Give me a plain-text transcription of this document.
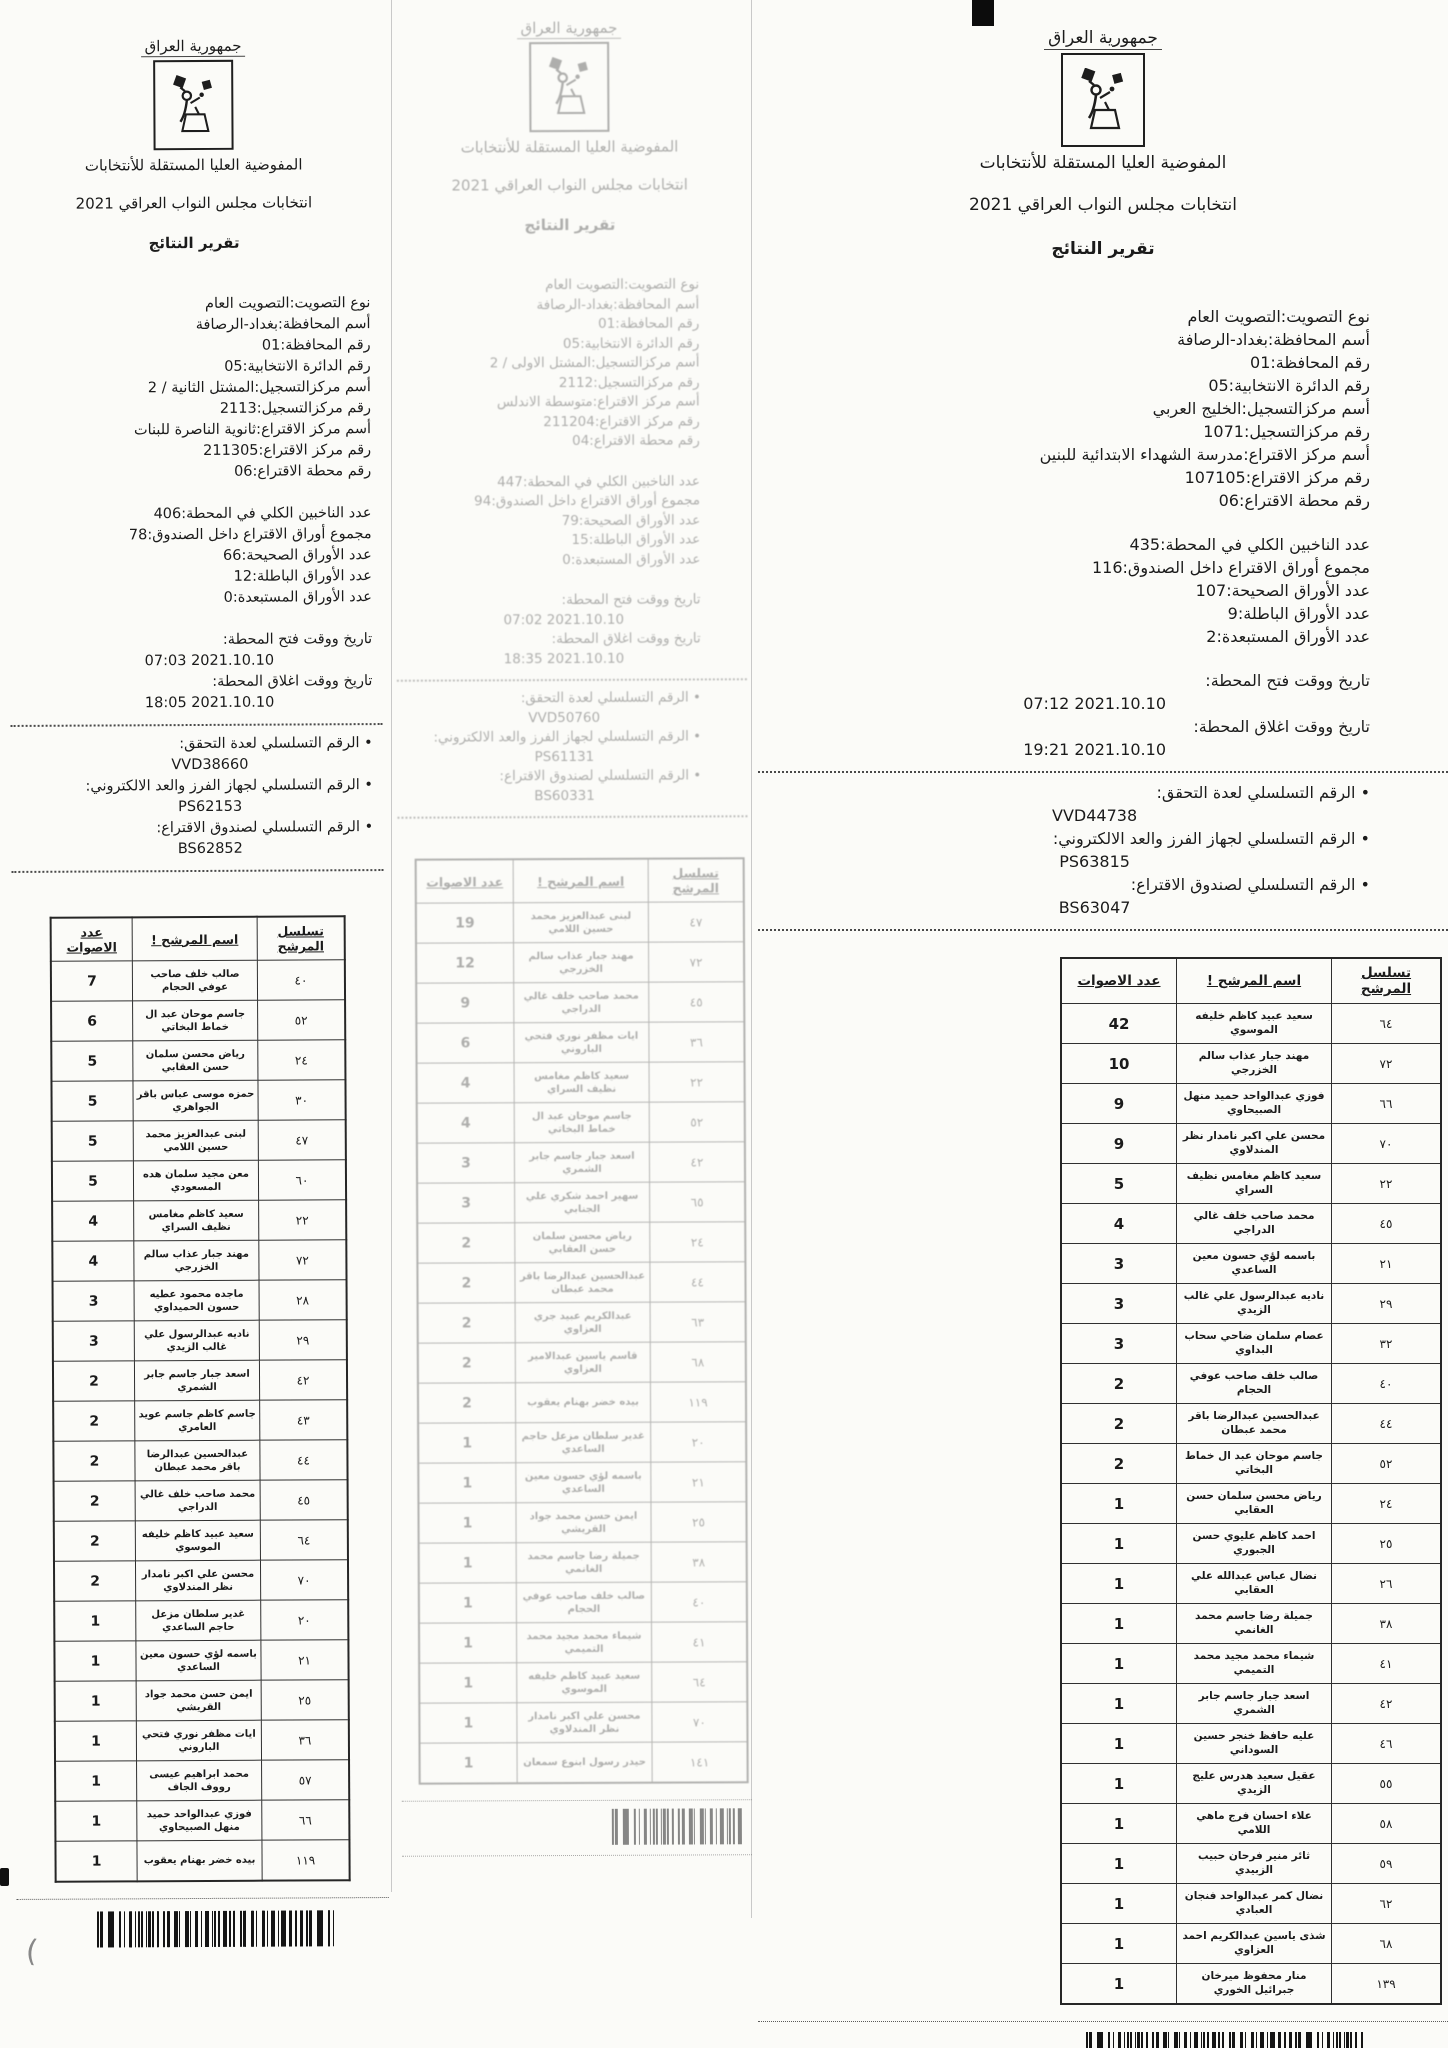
(
جمهورية العراق
المفوضية العليا المستقلة للأنتخابات
انتخابات مجلس النواب العراقي 2021
تقرير النتائج
نوع التصويت:التصويت العام
أسم المحافظة:بغداد-الرصافة
رقم المحافظة:01
رقم الدائرة الانتخابية:05
أسم مركزالتسجيل:المشتل الثانية / 2
رقم مركزالتسجيل:2113
أسم مركز الاقتراع:ثانوية الناصرة للبنات
رقم مركز الاقتراع:211305
رقم محطة الاقتراع:06
عدد الناخبين الكلي في المحطة:406
مجموع أوراق الاقتراع داخل الصندوق:78
عدد الأوراق الصحيحة:66
عدد الأوراق الباطلة:12
عدد الأوراق المستبعدة:0
تاريخ ووقت فتح المحطة:
2021.10.10 07:03
تاريخ ووقت اغلاق المحطة:
2021.10.10 18:05
• الرقم التسلسلي لعدة التحقق:
VVD38660
• الرقم التسلسلي لجهاز الفرز والعد الالكتروني:
PS62153
• الرقم التسلسلي لصندوق الاقتراع:
BS62852
تسلسل المرشح	اسم المرشح !	عدد الاصوات
٤٠	صالب خلف صاحب عوفي الحجام	7
٥٢	جاسم موحان عبد ال خماط البخاتي	6
٢٤	رياض محسن سلمان حسن العقابي	5
٣٠	حمزه موسى عباس باقر الجواهري	5
٤٧	لبنى عبدالعزيز محمد حسين اللامي	5
٦٠	معن مجيد سلمان هده المسعودي	5
٢٢	سعيد كاظم مغامس نظيف السراي	4
٧٢	مهند جبار عذاب سالم الخزرجي	4
٢٨	ماجده محمود عطيه حسون الحميداوي	3
٢٩	ناديه عبدالرسول علي غالب الزيدي	3
٤٢	اسعد جبار جاسم جابر الشمري	2
٤٣	جاسم كاظم جاسم عويد العامري	2
٤٤	عبدالحسين عبدالرضا باقر محمد عبطان	2
٤٥	محمد صاحب خلف غالي الدراجي	2
٦٤	سعيد عبيد كاظم خليفه الموسوي	2
٧٠	محسن علي اكبر نامدار نظر المندلاوي	2
٢٠	غدير سلطان مزعل حاجم الساعدي	1
٢١	باسمه لؤي حسون معين الساعدي	1
٢٥	ايمن حسن محمد جواد القريشي	1
٣٦	ايات مظفر نوري فتحي الباروني	1
٥٧	محمد ابراهيم عيسى رووف الجاف	1
٦٦	فوزي عبدالواحد حميد منهل الصبيحاوي	1
١١٩	بيده خضر بهنام يعقوب	1
جمهورية العراق
المفوضية العليا المستقلة للأنتخابات
انتخابات مجلس النواب العراقي 2021
تقرير النتائج
نوع التصويت:التصويت العام
أسم المحافظة:بغداد-الرصافة
رقم المحافظة:01
رقم الدائرة الانتخابية:05
أسم مركزالتسجيل:المشتل الاولى / 2
رقم مركزالتسجيل:2112
أسم مركز الاقتراع:متوسطة الاندلس
رقم مركز الاقتراع:211204
رقم محطة الاقتراع:04
عدد الناخبين الكلي في المحطة:447
مجموع أوراق الاقتراع داخل الصندوق:94
عدد الأوراق الصحيحة:79
عدد الأوراق الباطلة:15
عدد الأوراق المستبعدة:0
تاريخ ووقت فتح المحطة:
2021.10.10 07:02
تاريخ ووقت اغلاق المحطة:
2021.10.10 18:35
• الرقم التسلسلي لعدة التحقق:
VVD50760
• الرقم التسلسلي لجهاز الفرز والعد الالكتروني:
PS61131
• الرقم التسلسلي لصندوق الاقتراع:
BS60331
تسلسل المرشح	اسم المرشح !	عدد الاصوات
٤٧	لبنى عبدالعزيز محمد حسين اللامي	19
٧٢	مهند جبار عذاب سالم الخزرجي	12
٤٥	محمد صاحب خلف غالي الدراجي	9
٣٦	ايات مظفر نوري فتحي الباروني	6
٢٢	سعيد كاظم مغامس نظيف السراي	4
٥٢	جاسم موحان عبد ال خماط البخاتي	4
٤٢	اسعد جبار جاسم جابر الشمري	3
٦٥	سهير احمد شكري علي الجنابي	3
٢٤	رياض محسن سلمان حسن العقابي	2
٤٤	عبدالحسين عبدالرضا باقر محمد عبطان	2
٦٣	عبدالكريم عبيد جري العزاوي	2
٦٨	قاسم ياسين عبدالامير العزاوي	2
١١٩	بيده خضر بهنام يعقوب	2
٢٠	غدير سلطان مزعل حاجم الساعدي	1
٢١	باسمه لؤي حسون معين الساعدي	1
٢٥	ايمن حسن محمد جواد القريشي	1
٣٨	جميلة رضا جاسم محمد الغانمي	1
٤٠	صالب خلف صاحب عوفي الحجام	1
٤١	شيماء محمد مجيد محمد التميمي	1
٦٤	سعيد عبيد كاظم خليفه الموسوي	1
٧٠	محسن علي اكبر نامدار نظر المندلاوي	1
١٤١	حيدر رسول ابنوع سمعان	1
جمهورية العراق
المفوضية العليا المستقلة للأنتخابات
انتخابات مجلس النواب العراقي 2021
تقرير النتائج
نوع التصويت:التصويت العام
أسم المحافظة:بغداد-الرصافة
رقم المحافظة:01
رقم الدائرة الانتخابية:05
أسم مركزالتسجيل:الخليج العربي
رقم مركزالتسجيل:1071
أسم مركز الاقتراع:مدرسة الشهداء الابتدائية للبنين
رقم مركز الاقتراع:107105
رقم محطة الاقتراع:06
عدد الناخبين الكلي في المحطة:435
مجموع أوراق الاقتراع داخل الصندوق:116
عدد الأوراق الصحيحة:107
عدد الأوراق الباطلة:9
عدد الأوراق المستبعدة:2
تاريخ ووقت فتح المحطة:
2021.10.10 07:12
تاريخ ووقت اغلاق المحطة:
2021.10.10 19:21
• الرقم التسلسلي لعدة التحقق:
VVD44738
• الرقم التسلسلي لجهاز الفرز والعد الالكتروني:
PS63815
• الرقم التسلسلي لصندوق الاقتراع:
BS63047
تسلسل المرشح	اسم المرشح !	عدد الاصوات
٦٤	سعيد عبيد كاظم خليفه الموسوي	42
٧٢	مهند جبار عذاب سالم الخزرجي	10
٦٦	فوزي عبدالواحد حميد منهل الصبيحاوي	9
٧٠	محسن علي اكبر نامدار نظر المندلاوي	9
٢٢	سعيد كاظم مغامس نظيف السراي	5
٤٥	محمد صاحب خلف غالي الدراجي	4
٢١	باسمه لؤي حسون معين الساعدي	3
٢٩	ناديه عبدالرسول علي غالب الزيدي	3
٣٢	عصام سلمان ضاحي سحاب البداوي	3
٤٠	صالب خلف صاحب عوفي الحجام	2
٤٤	عبدالحسين عبدالرضا باقر محمد عبطان	2
٥٢	جاسم موحان عبد ال خماط البخاتي	2
٢٤	رياض محسن سلمان حسن العقابي	1
٢٥	احمد كاظم عليوي حسن الجبوري	1
٢٦	نضال عباس عبدالله علي العقابي	1
٣٨	جميلة رضا جاسم محمد الغانمي	1
٤١	شيماء محمد مجيد محمد التميمي	1
٤٢	اسعد جبار جاسم جابر الشمري	1
٤٦	عليه حافظ خنجر حسين السوداني	1
٥٥	عقيل سعيد هدرس عليج الزيدي	1
٥٨	علاء احسان فرج ماهي اللامي	1
٥٩	ثائر منير فرحان حبيب الزبيدي	1
٦٢	نضال كمر عبدالواحد فنجان العبادي	1
٦٨	شذى ياسين عبدالكريم احمد العزاوي	1
١٣٩	منار محفوظ ميرخان جبرائيل الخوري	1
